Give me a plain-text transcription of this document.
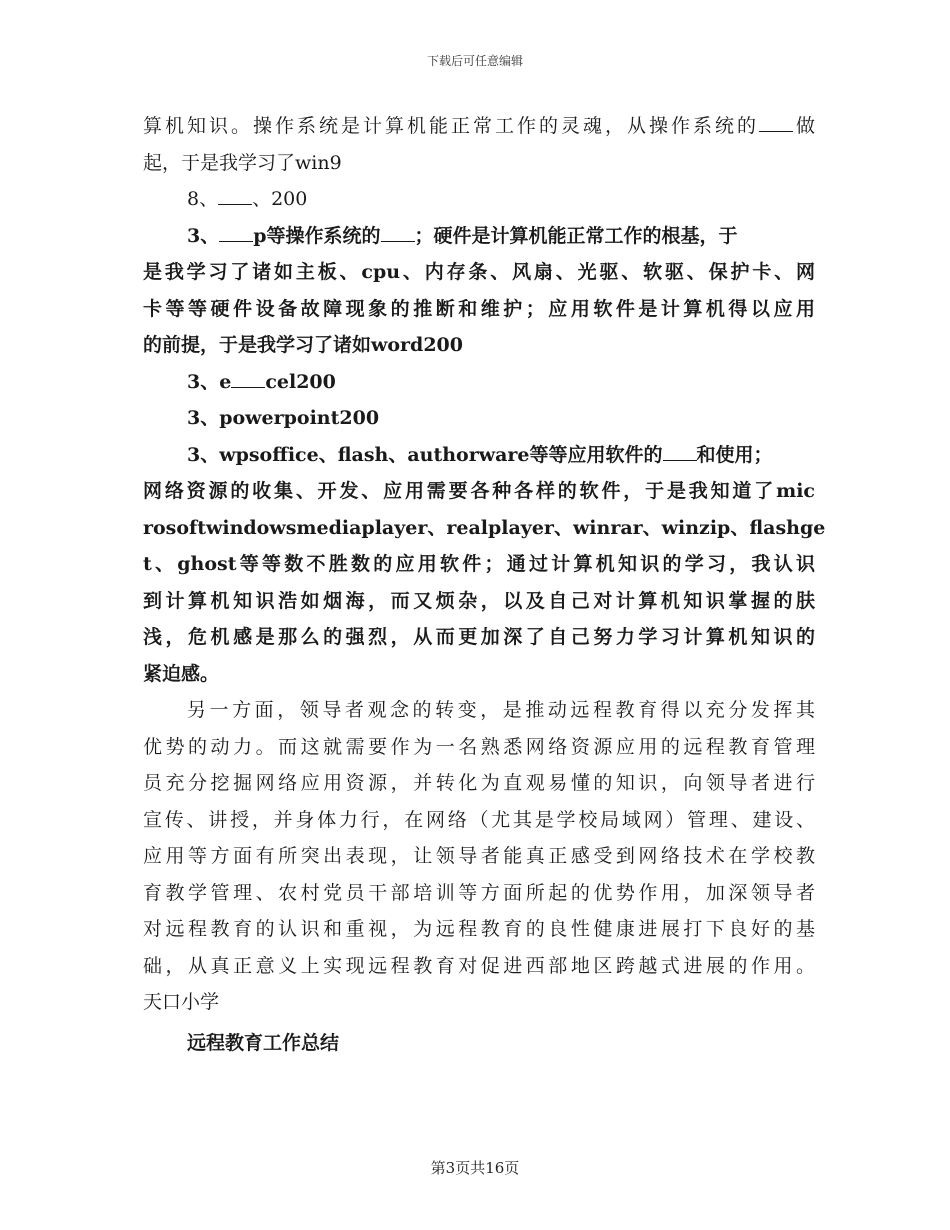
下载后可任意编辑

算机知识。操作系统是计算机能正常工作的灵魂，从操作系统的 做

起，于是我学习了win9

8、 、200

3、 p等操作系统的 ；硬件是计算机能正常工作的根基，于

是我学习了诸如主板、cpu、内存条、风扇、光驱、软驱、保护卡、网

卡等等硬件设备故障现象的推断和维护；应用软件是计算机得以应用

的前提，于是我学习了诸如word200

3、e cel200

3、powerpoint200

3、wpsoffice、flash、authorware等等应用软件的 和使用；

网络资源的收集、开发、应用需要各种各样的软件，于是我知道了mic

rosoftwindowsmediaplayer、realplayer、winrar、winzip、flashge

t、ghost等等数不胜数的应用软件；通过计算机知识的学习，我认识

到计算机知识浩如烟海，而又烦杂，以及自己对计算机知识掌握的肤

浅，危机感是那么的强烈，从而更加深了自己努力学习计算机知识的

紧迫感。

另一方面，领导者观念的转变，是推动远程教育得以充分发挥其

优势的动力。而这就需要作为一名熟悉网络资源应用的远程教育管理

员充分挖掘网络应用资源，并转化为直观易懂的知识，向领导者进行

宣传、讲授，并身体力行，在网络（尤其是学校局域网）管理、建设、

应用等方面有所突出表现，让领导者能真正感受到网络技术在学校教

育教学管理、农村党员干部培训等方面所起的优势作用，加深领导者

对远程教育的认识和重视，为远程教育的良性健康进展打下良好的基

础，从真正意义上实现远程教育对促进西部地区跨越式进展的作用。

天口小学

远程教育工作总结

第3页共16页
